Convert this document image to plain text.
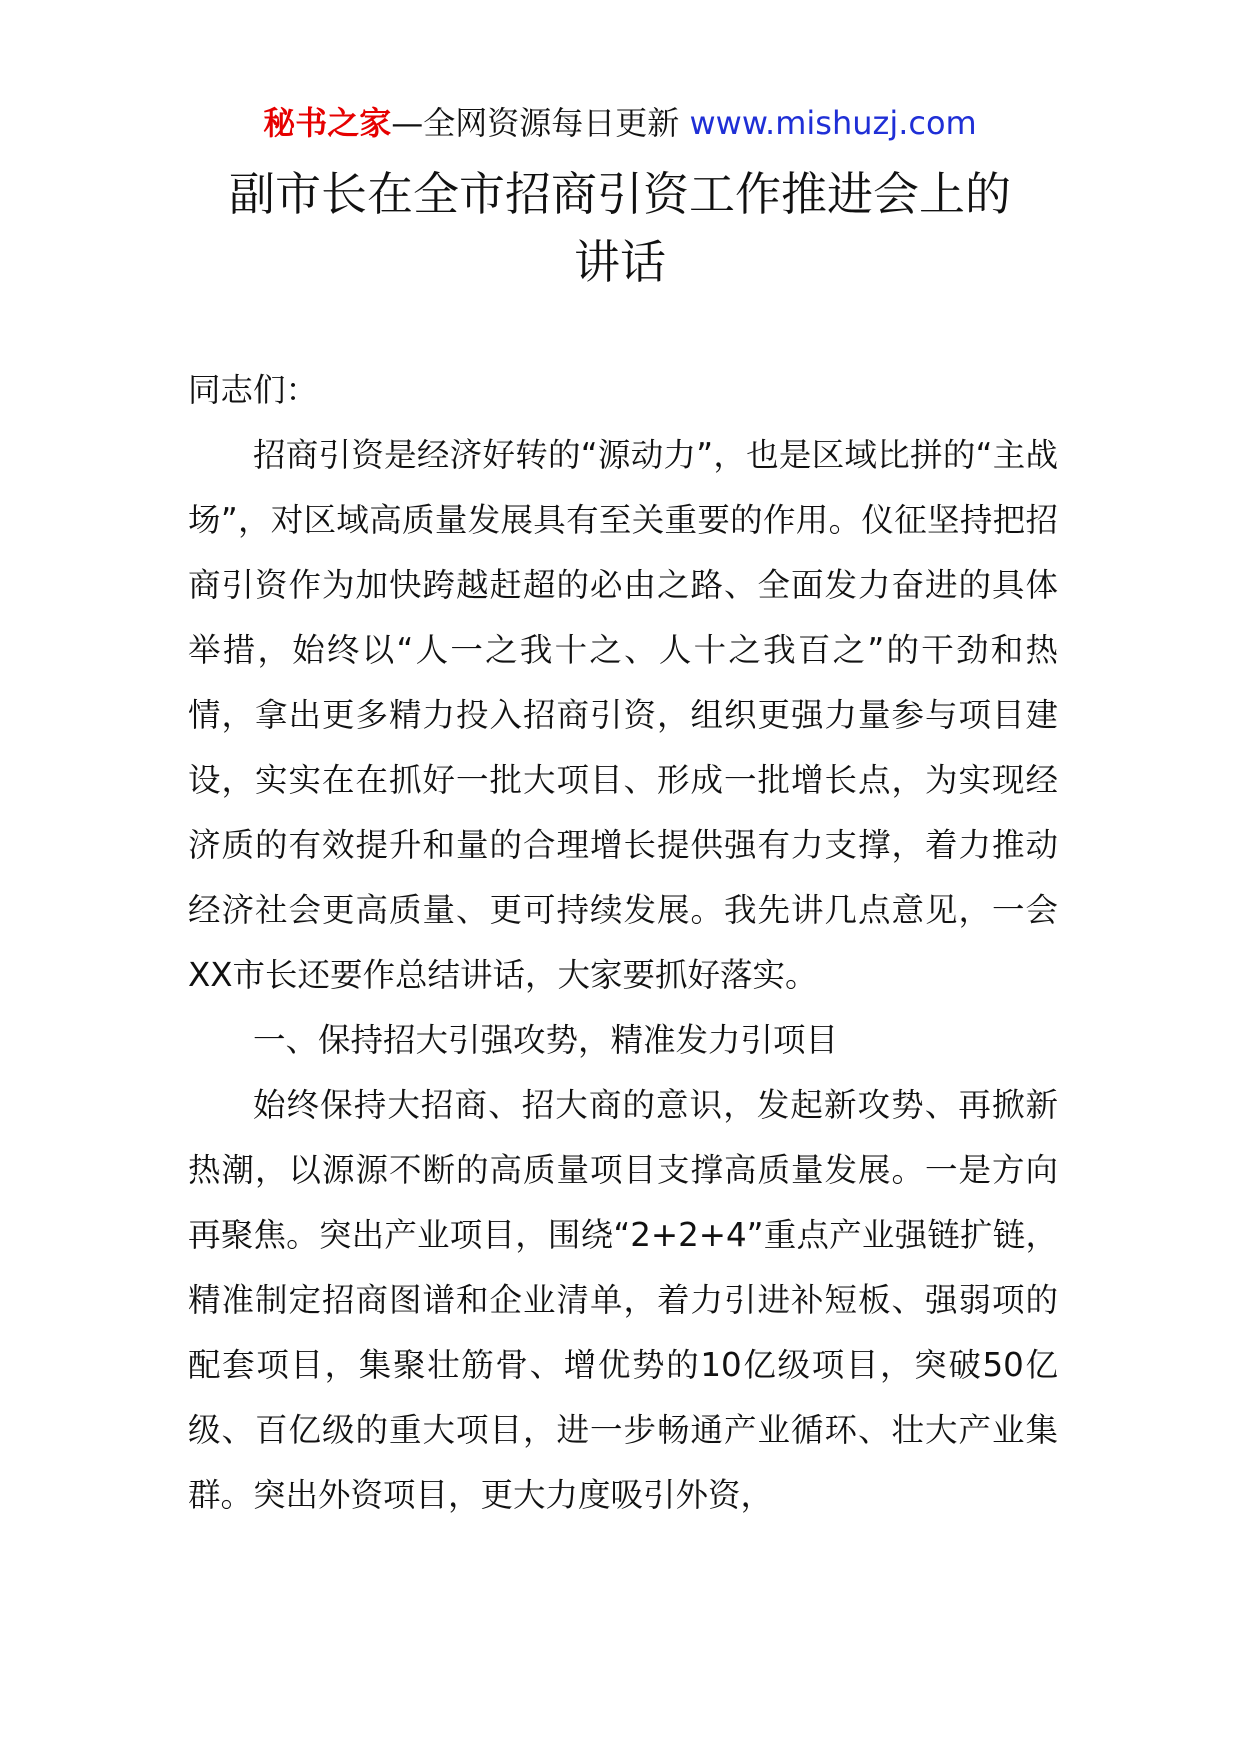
秘书之家—全网资源每日更新 www.mishuzj.com
副市长在全市招商引资工作推进会上的
讲话

同志们：

招商引资是经济好转的“源动力”，也是区域比拼的“主战场”，对区域高质量发展具有至关重要的作用。仪征坚持把招商引资作为加快跨越赶超的必由之路、全面发力奋进的具体举措，始终以“人一之我十之、人十之我百之”的干劲和热情，拿出更多精力投入招商引资，组织更强力量参与项目建设，实实在在抓好一批大项目、形成一批增长点，为实现经济质的有效提升和量的合理增长提供强有力支撑，着力推动经济社会更高质量、更可持续发展。我先讲几点意见，一会XX市长还要作总结讲话，大家要抓好落实。

一、保持招大引强攻势，精准发力引项目

始终保持大招商、招大商的意识，发起新攻势、再掀新热潮，以源源不断的高质量项目支撑高质量发展。一是方向再聚焦。突出产业项目，围绕“2+2+4”重点产业强链扩链，精准制定招商图谱和企业清单，着力引进补短板、强弱项的配套项目，集聚壮筋骨、增优势的10亿级项目，突破50亿级、百亿级的重大项目，进一步畅通产业循环、壮大产业集群。突出外资项目，更大力度吸引外资，
